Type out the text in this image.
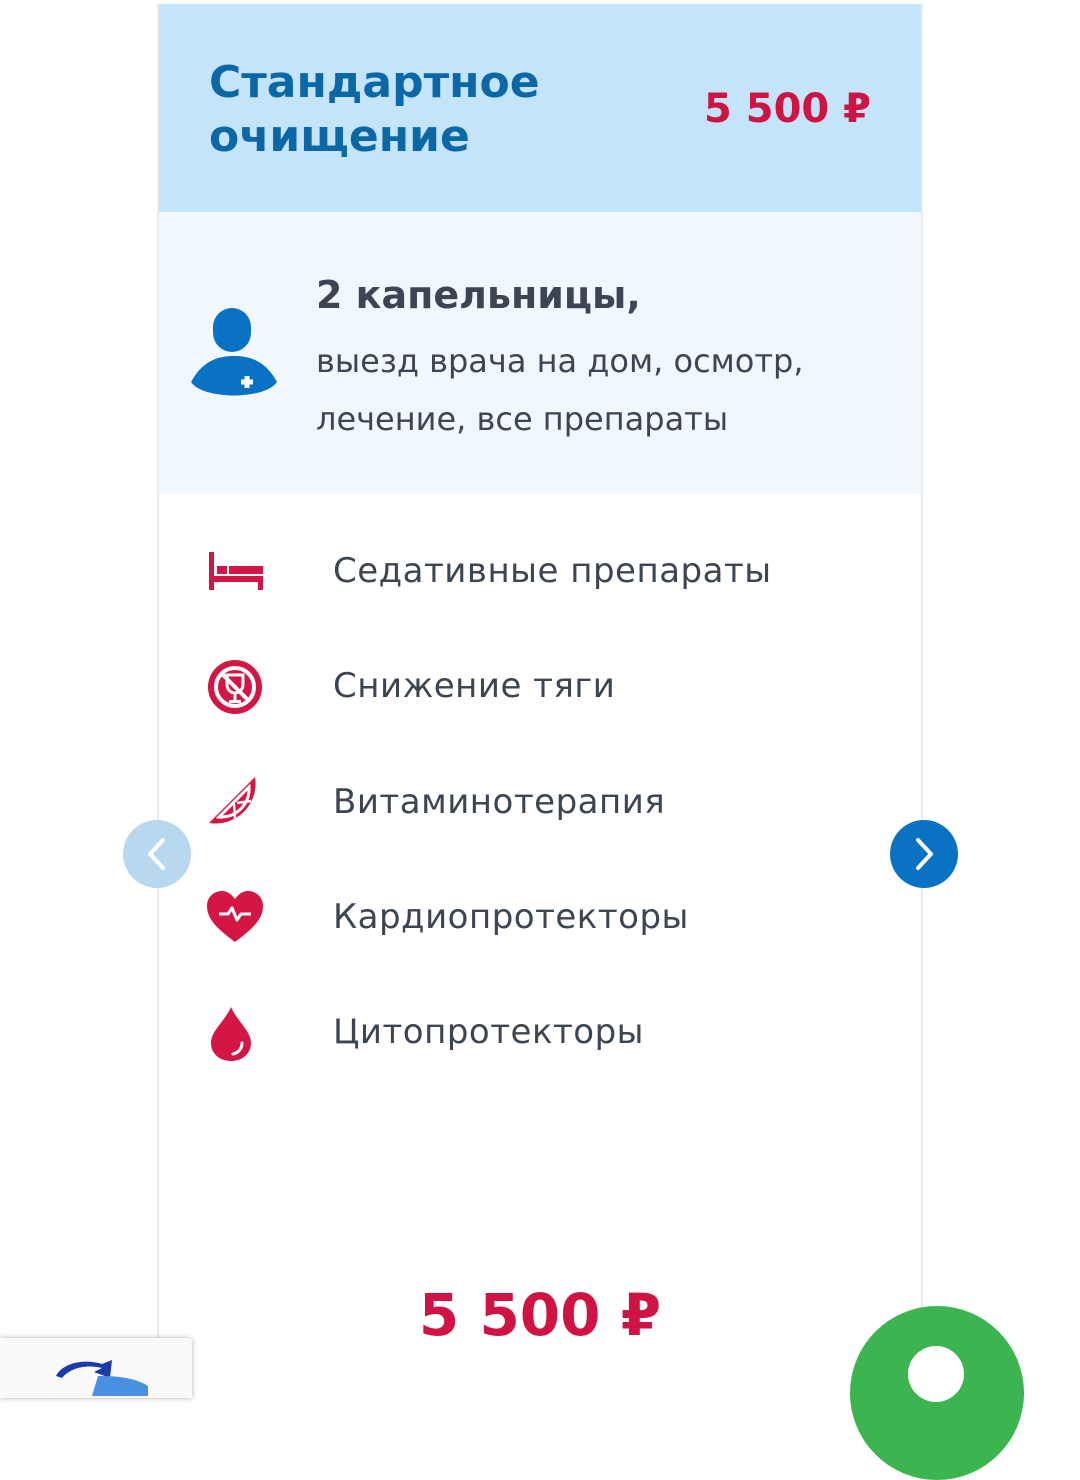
Стандартное очищение
5 500 ₽
2 капельницы,
выезд врача на дом, осмотр, лечение, все препараты
Седативные препараты
Снижение тяги
Витаминотерапия
Кардиопротекторы
Цитопротекторы
5 500 ₽
